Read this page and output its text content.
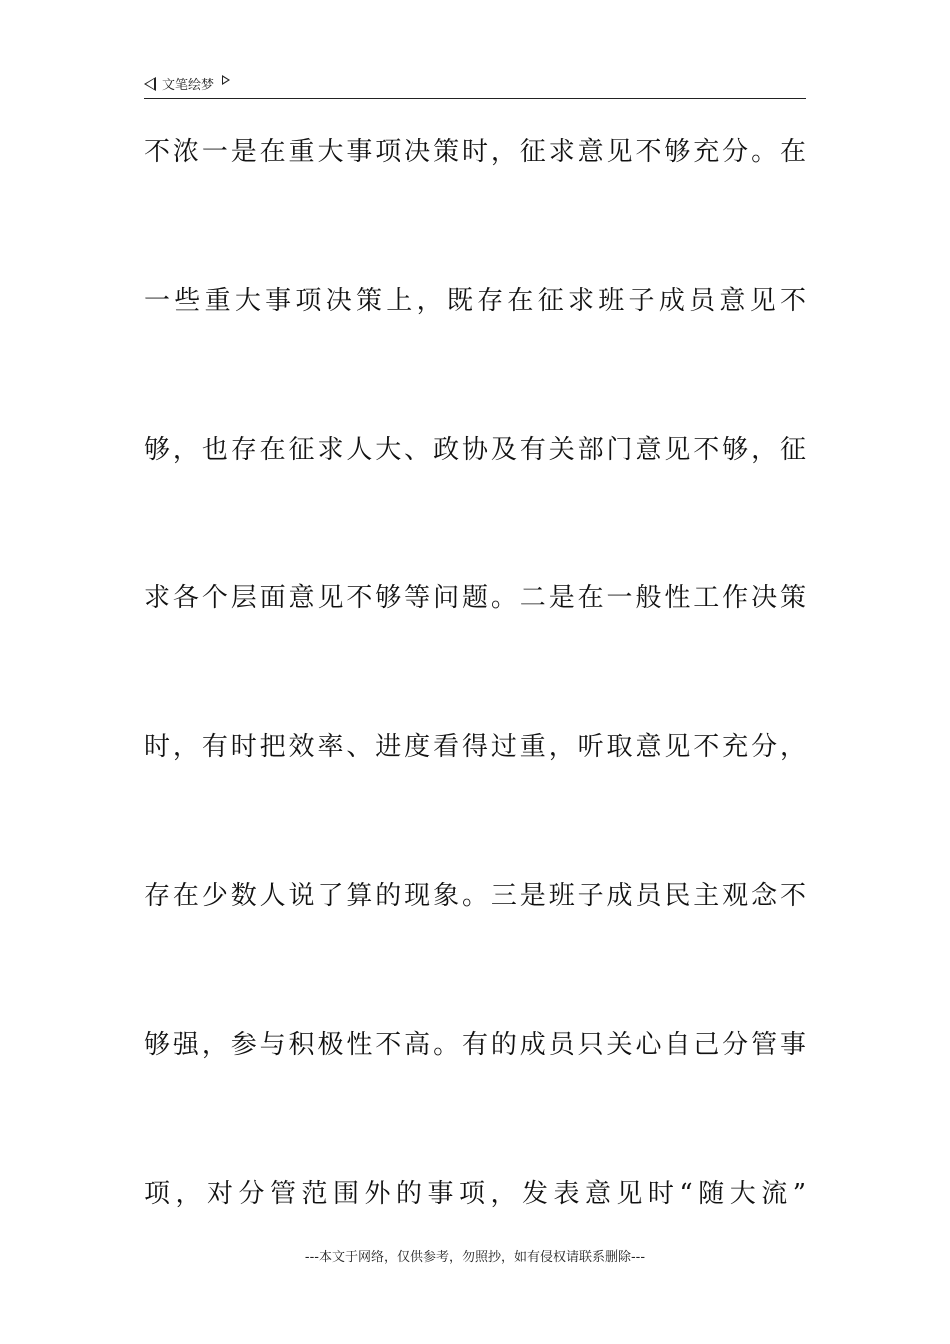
文笔绘梦
不浓一是在重大事项决策时，征求意见不够充分。在
一些重大事项决策上，既存在征求班子成员意见不
够，也存在征求人大、政协及有关部门意见不够，征
求各个层面意见不够等问题。二是在一般性工作决策
时，有时把效率、进度看得过重，听取意见不充分，
存在少数人说了算的现象。三是班子成员民主观念不
够强，参与积极性不高。有的成员只关心自己分管事
项，对分管范围外的事项，发表意见时“随大流”
---本文于网络，仅供参考，勿照抄，如有侵权请联系删除---
